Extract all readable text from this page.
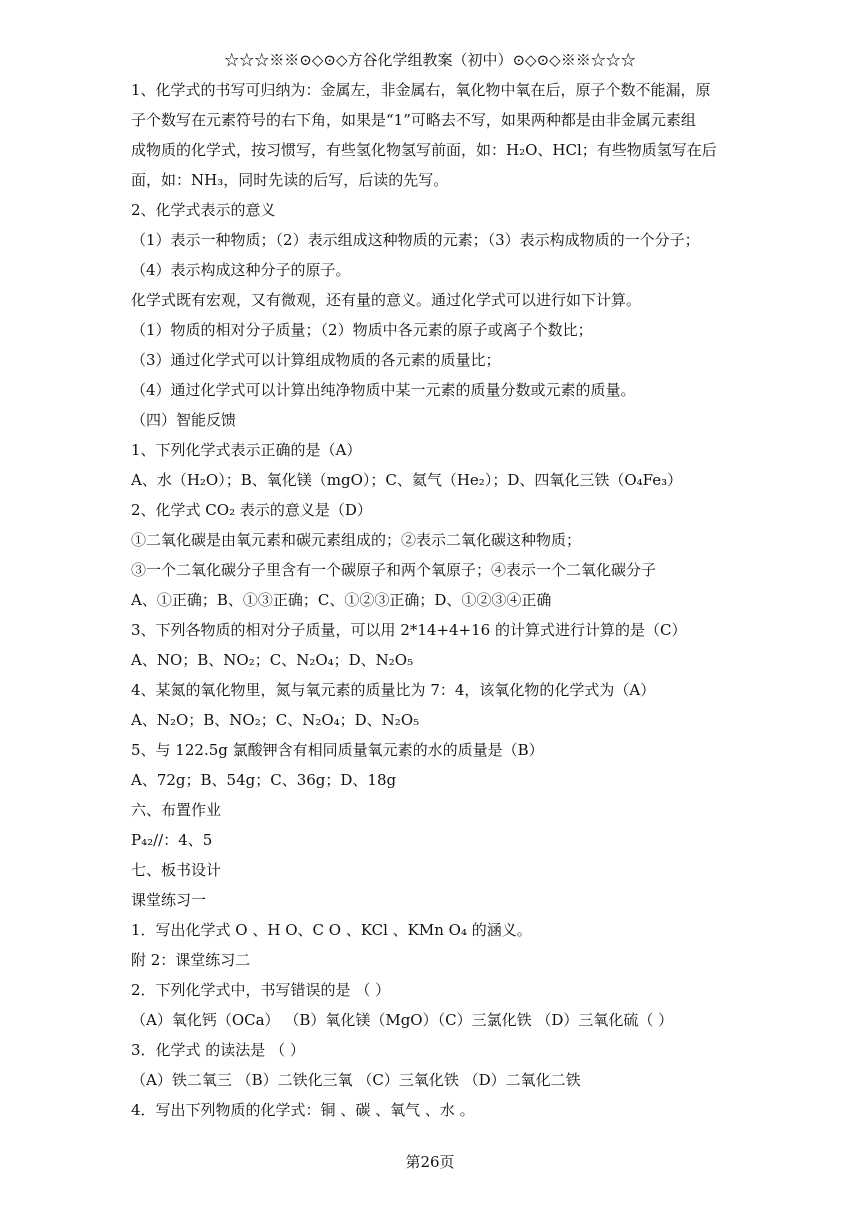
☆☆☆※※⊙◇⊙◇方谷化学组教案（初中）⊙◇⊙◇※※☆☆☆
1、化学式的书写可归纳为：金属左，非金属右，氧化物中氧在后，原子个数不能漏，原
子个数写在元素符号的右下角，如果是“1”可略去不写，如果两种都是由非金属元素组
成物质的化学式，按习惯写，有些氢化物氢写前面，如：H₂O、HCl；有些物质氢写在后
面，如：NH₃，同时先读的后写，后读的先写。
2、化学式表示的意义
（1）表示一种物质；（2）表示组成这种物质的元素；（3）表示构成物质的一个分子；
（4）表示构成这种分子的原子。
化学式既有宏观，又有微观，还有量的意义。通过化学式可以进行如下计算。
（1）物质的相对分子质量；（2）物质中各元素的原子或离子个数比；
（3）通过化学式可以计算组成物质的各元素的质量比；
（4）通过化学式可以计算出纯净物质中某一元素的质量分数或元素的质量。
（四）智能反馈
1、下列化学式表示正确的是（A）
A、水（H₂O）；B、氧化镁（mgO）；C、氦气（He₂）；D、四氧化三铁（O₄Fe₃）
2、化学式 CO₂ 表示的意义是（D）
①二氧化碳是由氧元素和碳元素组成的；②表示二氧化碳这种物质；
③一个二氧化碳分子里含有一个碳原子和两个氧原子；④表示一个二氧化碳分子
A、①正确；B、①③正确；C、①②③正确；D、①②③④正确
3、下列各物质的相对分子质量，可以用 2*14+4+16 的计算式进行计算的是（C）
A、NO；B、NO₂；C、N₂O₄；D、N₂O₅
4、某氮的氧化物里，氮与氧元素的质量比为 7：4，该氧化物的化学式为（A）
A、N₂O；B、NO₂；C、N₂O₄；D、N₂O₅
5、与 122.5g 氯酸钾含有相同质量氧元素的水的质量是（B）
A、72g；B、54g；C、36g；D、18g
六、布置作业
P₄₂//：4、5
七、板书设计
课堂练习一
1．写出化学式 O 、H O、C O 、KCl 、KMn O₄ 的涵义。
附 2：课堂练习二
2．下列化学式中，书写错误的是 （ ）
（A）氧化钙（OCa） （B）氧化镁（MgO）（C）三氯化铁 （D）三氧化硫（ ）
3．化学式 的读法是 （ ）
（A）铁二氧三 （B）二铁化三氧 （C）三氧化铁 （D）二氧化二铁
4．写出下列物质的化学式：铜 、碳 、氧气 、水 。
第26页
